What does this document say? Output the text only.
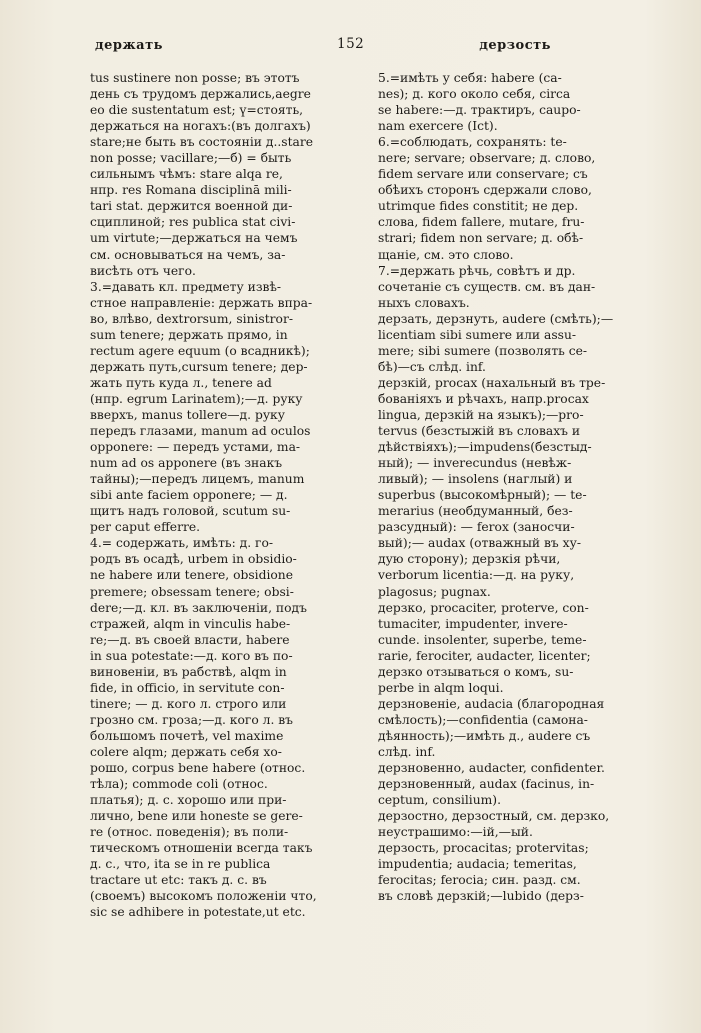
держать	152	дерзость
tus sustinere non posse; въ этотъ
день съ трудомъ держались,aegre
eo die sustentatum est; ү=стоять,
держаться на ногахъ:(въ долгахъ)
stare;не быть въ состоянiи д..stare
non posse; vacillare;—б) = быть
сильнымъ чѣмъ: stare alqa re,
нпр. res Romana disciplinā mili-
tari stat. держится военной ди-
сциплиной; res publica stat civi-
um virtute;—держаться на чемъ
см. основываться на чемъ, за-
висѣть отъ чего.
3.=давать кл. предмету извѣ-
стное направленiе: держать впра-
во, влѣво, dextrorsum, sinistror-
sum tenere; держать прямо, in
rectum agere equum (о всадникѣ);
держать путь,cursum tenere; дер-
жать путь куда л., tenere ad
(нпр. egrum Larinatem);—д. руку
вверхъ, manus tollere—д. руку
передъ глазами, manum ad oculos
opponere: — передъ устами, ma-
num ad os apponere (въ знакъ
тайны);—передъ лицемъ, manum
sibi ante faciem opponere; — д.
щитъ надъ головой, scutum su-
per caput efferre.
4.= содержать, имѣть: д. го-
родъ въ осадѣ, urbem in obsidio-
ne habere или tenere, obsidione
premere; obsessam tenere; obsi-
dere;—д. кл. въ заключенiи, подъ
стражей, alqm in vinculis habe-
re;—д. въ своей власти, habere
in sua potestate:—д. кого въ по-
виновенiи, въ рабствѣ, alqm in
fide, in officio, in servitute con-
tinere; — д. кого л. строго или
грозно см. гроза;—д. кого л. въ
большомъ почетѣ, vel maxime
colere alqm; держать себя хо-
рошо, corpus bene habere (относ.
тѣла); commode coli (относ.
платья); д. с. хорошо или при-
лично, bene или honeste se gere-
re (относ. поведенiя); въ поли-
тическомъ отношенiи всегда такъ
д. с., что, ita se in re publica
tractare ut etc: такъ д. с. въ
(своемъ) высокомъ положенiи что,
sic se adhibere in potestate,ut etc.
5.=имѣть у себя: habere (ca-
nes); д. кого около себя, circa
se habere:—д. трактиръ, caupo-
nam exercere (Ict).
6.=соблюдать, сохранять: te-
nere; servare; observare; д. слово,
fidem servare или conservare; съ
обѣихъ сторонъ сдержали слово,
utrimque fides constitit; не дер.
слова, fidem fallere, mutare, fru-
strari; fidem non servare; д. обѣ-
щанiе, см. это слово.
7.=держать рѣчь, совѣтъ и др.
сочетанiе съ существ. см. въ дан-
ныхъ словахъ.
дерзать, дерзнуть, audere (смѣть);—
licentiam sibi sumere или assu-
mere; sibi sumere (позволять се-
бѣ)—съ слѣд. inf.
дерзкiй, procax (нахальный въ тре-
бованiяхъ и рѣчахъ, напр.procax
lingua, дерзкiй на языкъ);—pro-
tervus (безстыжiй въ словахъ и
дѣйствiяхъ);—impudens(безстыд-
ный); — inverecundus (невѣж-
ливый); — insolens (наглый) и
superbus (высокомѣрный); — te-
merarius (необдуманный, без-
разсудный): — ferox (заносчи-
вый);— audax (отважный въ ху-
дую сторону); дерзкiя рѣчи,
verborum licentia:—д. на руку,
plagosus; pugnax.
дерзко, procaciter, proterve, con-
tumaciter, impudenter, invere-
cunde. insolenter, superbe, teme-
rarie, ferociter, audacter, licenter;
дерзко отзываться о комъ, su-
perbe in alqm loqui.
дерзновенiе, audacia (благородная
смѣлость);—confidentia (самона-
дѣянность);—имѣть д., audere съ
слѣд. inf.
дерзновенно, audacter, confidenter.
дерзновенный, audax (facinus, in-
ceptum, consilium).
дерзостно, дерзостный, см. дерзко,
неустрашимо:—iй,—ый.
дерзость, procacitas; protervitas;
impudentia; audacia; temeritas,
ferocitas; ferocia; син. разд. см.
въ словѣ дерзкiй;—lubido (дерз-
